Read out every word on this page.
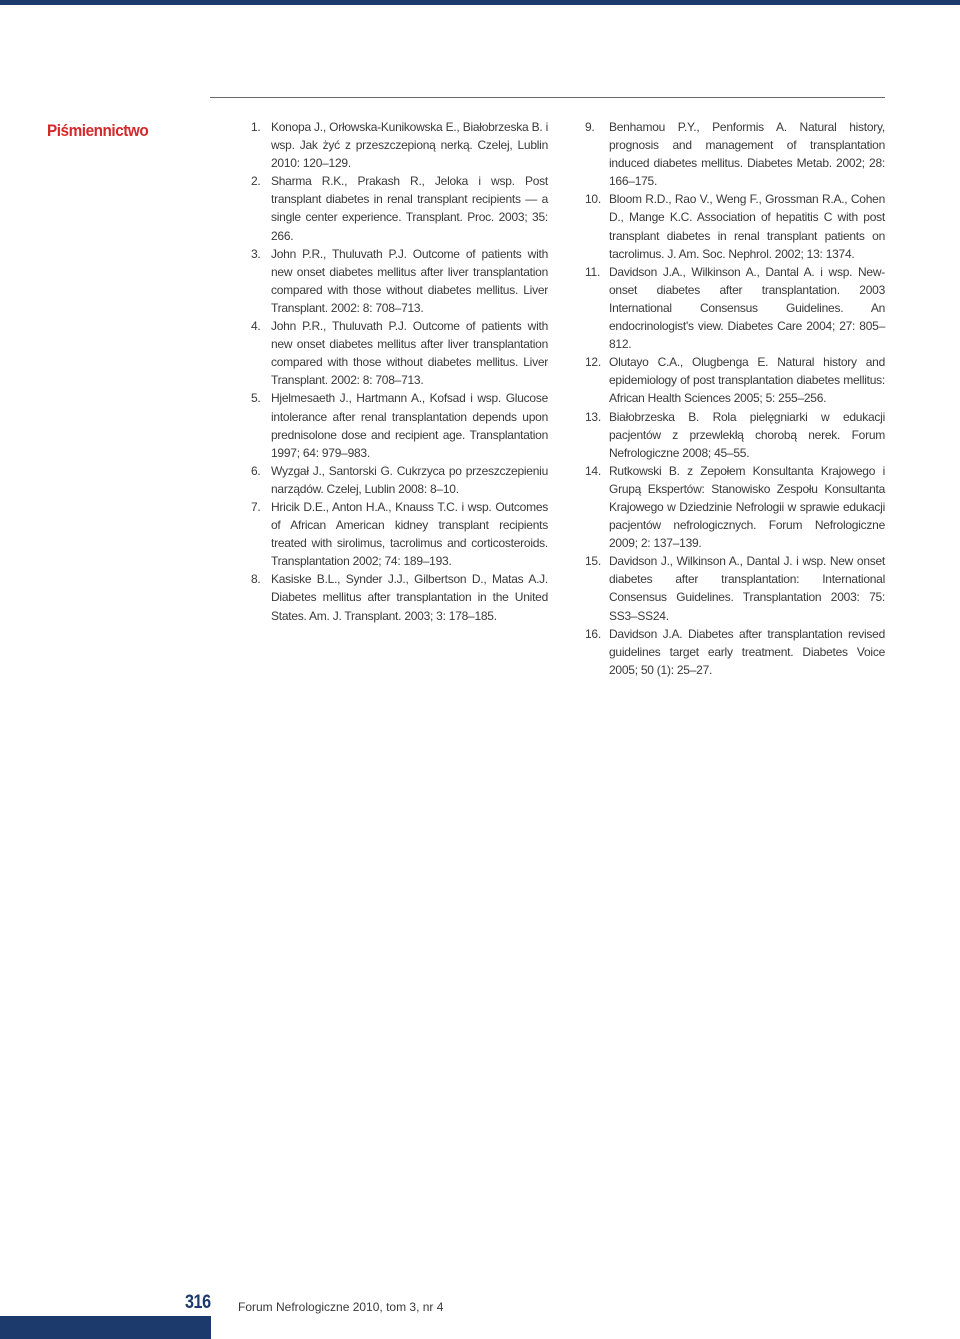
Piśmiennictwo	1. Konopa J., Orłowska-Kunikowska E., Białobrzeska B. i wsp. Jak żyć z przeszczepioną nerką. Czelej, Lublin 2010: 120–129.
2. Sharma R.K., Prakash R., Jeloka i wsp. Post transplant diabetes in renal transplant recipients — a single center experience. Transplant. Proc. 2003; 35: 266.
3. John P.R., Thuluvath P.J. Outcome of patients with new onset diabetes mellitus after liver transplantation compared with those without diabetes mellitus. Liver Transplant. 2002: 8: 708–713.
4. John P.R., Thuluvath P.J. Outcome of patients with new onset diabetes mellitus after liver transplantation compared with those without diabetes mellitus. Liver Transplant. 2002: 8: 708–713.
5. Hjelmesaeth J., Hartmann A., Kofsad i wsp. Glucose intolerance after renal transplantation depends upon prednisolone dose and recipient age. Transplantation 1997; 64: 979–983.
6. Wyzgał J., Santorski G. Cukrzyca po przeszczepieniu narządów. Czelej, Lublin 2008: 8–10.
7. Hricik D.E., Anton H.A., Knauss T.C. i wsp. Outcomes of African American kidney transplant recipients treated with sirolimus, tacrolimus and corticosteroids. Transplantation 2002; 74: 189–193.
8. Kasiske B.L., Synder J.J., Gilbertson D., Matas A.J. Diabetes mellitus after transplantation in the United States. Am. J. Transplant. 2003; 3: 178–185.
9.	Benhamou P.Y., Penformis A. Natural history, prognosis and management of transplantation induced diabetes mellitus. Diabetes Metab. 2002; 28: 166–175.
10. Bloom R.D., Rao V., Weng F., Grossman R.A., Cohen D., Mange K.C. Association of hepatitis C with post transplant diabetes in renal transplant patients on tacrolimus. J. Am. Soc. Nephrol. 2002; 13: 1374.
11. Davidson J.A., Wilkinson A., Dantal A. i wsp. New-onset diabetes after transplantation. 2003 International Consensus Guidelines. An endocrinologist's view. Diabetes Care 2004; 27: 805–812.
12. Olutayo C.A., Olugbenga E. Natural history and epidemiology of post transplantation diabetes mellitus: African Health Sciences 2005; 5: 255–256.
13. Białobrzeska B. Rola pielęgniarki w edukacji pacjentów z przewlekłą chorobą nerek. Forum Nefrologiczne 2008; 45–55.
14. Rutkowski B. z Zepołem Konsultanta Krajowego i Grupą Ekspertów: Stanowisko Zespołu Konsultanta Krajowego w Dziedzinie Nefrologii w sprawie edukacji pacjentów nefrologicznych. Forum Nefrologiczne 2009; 2: 137–139.
15. Davidson J., Wilkinson A., Dantal J. i wsp. New onset diabetes after transplantation: International Consensus Guidelines. Transplantation 2003: 75: SS3–SS24.
16. Davidson J.A. Diabetes after transplantation revised guidelines target early treatment. Diabetes Voice 2005; 50 (1): 25–27.
316 Forum Nefrologiczne 2010, tom 3, nr 4
